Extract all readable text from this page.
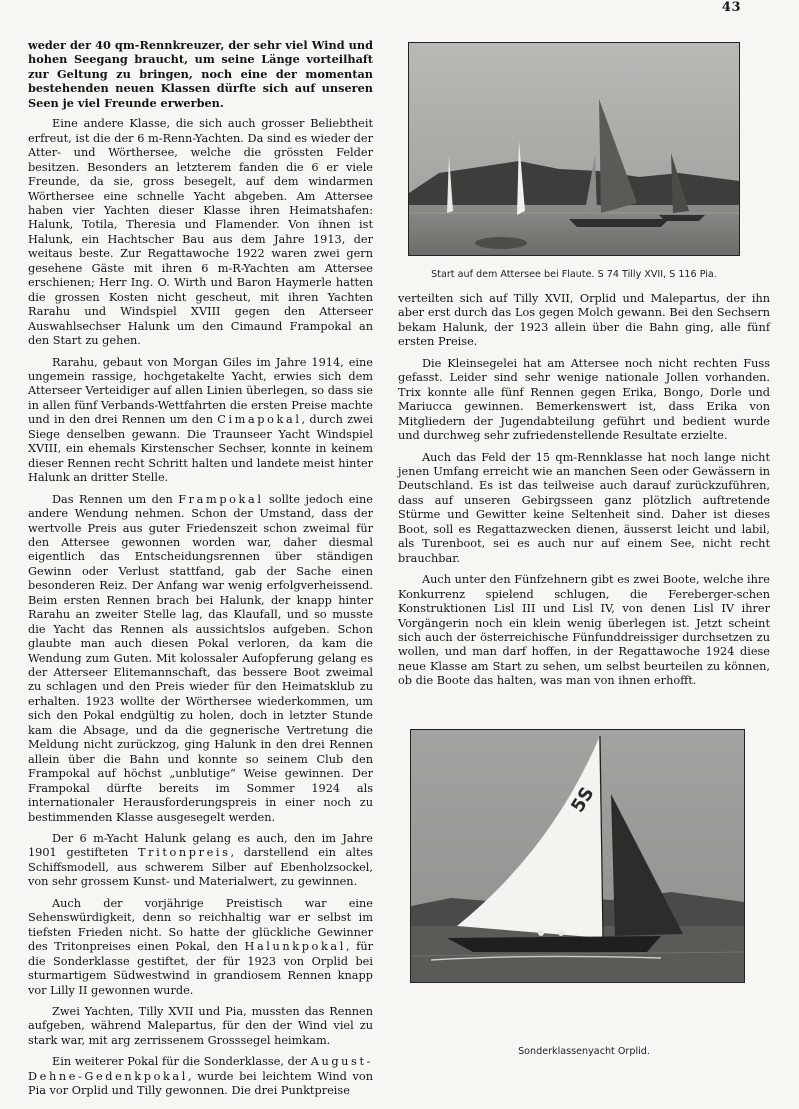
43

weder der 40 qm-Rennkreuzer, der sehr viel Wind und hohen Seegang braucht, um seine Länge vorteilhaft zur Geltung zu bringen, noch eine der momentan bestehenden neuen Klassen dürfte sich auf unseren Seen je viel Freunde erwerben.

Eine andere Klasse, die sich auch grosser Beliebtheit erfreut, ist die der 6 m-Renn-Yachten. Da sind es wieder der Atter- und Wörthersee, welche die grössten Felder besitzen. Besonders an letzterem fanden die 6 er viele Freunde, da sie, gross besegelt, auf dem windarmen Wörthersee eine schnelle Yacht abgeben. Am Attersee haben vier Yachten dieser Klasse ihren Heimatshafen: Halunk, Totila, Theresia und Flamender. Von ihnen ist Halunk, ein Hachtscher Bau aus dem Jahre 1913, der weitaus beste. Zur Regattawoche 1922 waren zwei gern gesehene Gäste mit ihren 6 m-R-Yachten am Attersee erschienen; Herr Ing. O. Wirth und Baron Haymerle hatten die grossen Kosten nicht gescheut, mit ihren Yachten Rarahu und Windspiel XVIII gegen den Atterseer Auswahlsechser Halunk um den Cimaund Frampokal an den Start zu gehen.

Rarahu, gebaut von Morgan Giles im Jahre 1914, eine ungemein rassige, hochgetakelte Yacht, erwies sich dem Atterseer Verteidiger auf allen Linien überlegen, so dass sie in allen fünf Verbands-Wettfahrten die ersten Preise machte und in den drei Rennen um den Cimapokal, durch zwei Siege denselben gewann. Die Traunseer Yacht Windspiel XVIII, ein ehemals Kirstenscher Sechser, konnte in keinem dieser Rennen recht Schritt halten und landete meist hinter Halunk an dritter Stelle.

Das Rennen um den Frampokal sollte jedoch eine andere Wendung nehmen. Schon der Umstand, dass der wertvolle Preis aus guter Friedenszeit schon zweimal für den Attersee gewonnen worden war, daher diesmal eigentlich das Entscheidungsrennen über ständigen Gewinn oder Verlust stattfand, gab der Sache einen besonderen Reiz. Der Anfang war wenig erfolgverheissend. Beim ersten Rennen brach bei Halunk, der knapp hinter Rarahu an zweiter Stelle lag, das Klaufall, und so musste die Yacht das Rennen als aussichtslos aufgeben. Schon glaubte man auch diesen Pokal verloren, da kam die Wendung zum Guten. Mit kolossaler Aufopferung gelang es der Atterseer Elitemannschaft, das bessere Boot zweimal zu schlagen und den Preis wieder für den Heimatsklub zu erhalten. 1923 wollte der Wörthersee wiederkommen, um sich den Pokal endgültig zu holen, doch in letzter Stunde kam die Absage, und da die gegnerische Vertretung die Meldung nicht zurückzog, ging Halunk in den drei Rennen allein über die Bahn und konnte so seinem Club den Frampokal auf höchst „unblutige“ Weise gewinnen. Der Frampokal dürfte bereits im Sommer 1924 als internationaler Herausforderungspreis in einer noch zu bestimmenden Klasse ausgesegelt werden.

Der 6 m-Yacht Halunk gelang es auch, den im Jahre 1901 gestifteten Tritonpreis, darstellend ein altes Schiffsmodell, aus schwerem Silber auf Ebenholzsockel, von sehr grossem Kunst- und Materialwert, zu gewinnen.

Auch der vorjährige Preistisch war eine Sehenswürdigkeit, denn so reichhaltig war er selbst im tiefsten Frieden nicht. So hatte der glückliche Gewinner des Tritonpreises einen Pokal, den Halunkpokal, für die Sonderklasse gestiftet, der für 1923 von Orplid bei sturmartigem Südwestwind in grandiosem Rennen knapp vor Lilly II gewonnen wurde.

Zwei Yachten, Tilly XVII und Pia, mussten das Rennen aufgeben, während Malepartus, für den der Wind viel zu stark war, mit arg zerrissenem Grosssegel heimkam.

Ein weiterer Pokal für die Sonderklasse, der August-Dehne-Gedenkpokal, wurde bei leichtem Wind von Pia vor Orplid und Tilly gewonnen. Die drei Punktpreise

Start auf dem Attersee bei Flaute. S 74 Tilly XVII, S 116 Pia.

verteilten sich auf Tilly XVII, Orplid und Malepartus, der ihn aber erst durch das Los gegen Molch gewann. Bei den Sechsern bekam Halunk, der 1923 allein über die Bahn ging, alle fünf ersten Preise.

Die Kleinsegelei hat am Attersee noch nicht rechten Fuss gefasst. Leider sind sehr wenige nationale Jollen vorhanden. Trix konnte alle fünf Rennen gegen Erika, Bongo, Dorle und Mariucca gewinnen. Bemerkenswert ist, dass Erika von Mitgliedern der Jugendabteilung geführt und bedient wurde und durchweg sehr zufriedenstellende Resultate erzielte.

Auch das Feld der 15 qm-Rennklasse hat noch lange nicht jenen Umfang erreicht wie an manchen Seen oder Gewässern in Deutschland. Es ist das teilweise auch darauf zurückzuführen, dass auf unseren Gebirgsseen ganz plötzlich auftretende Stürme und Gewitter keine Seltenheit sind. Daher ist dieses Boot, soll es Regattazwecken dienen, äusserst leicht und labil, als Turenboot, sei es auch nur auf einem See, nicht recht brauchbar.

Auch unter den Fünfzehnern gibt es zwei Boote, welche ihre Konkurrenz spielend schlugen, die Fereberger-schen Konstruktionen Lisl III und Lisl IV, von denen Lisl IV ihrer Vorgängerin noch ein klein wenig überlegen ist. Jetzt scheint sich auch der österreichische Fünfunddreissiger durchsetzen zu wollen, und man darf hoffen, in der Regattawoche 1924 diese neue Klasse am Start zu sehen, um selbst beurteilen zu können, ob die Boote das halten, was man von ihnen erhofft.

5S

Sonderklassenyacht Orplid.
